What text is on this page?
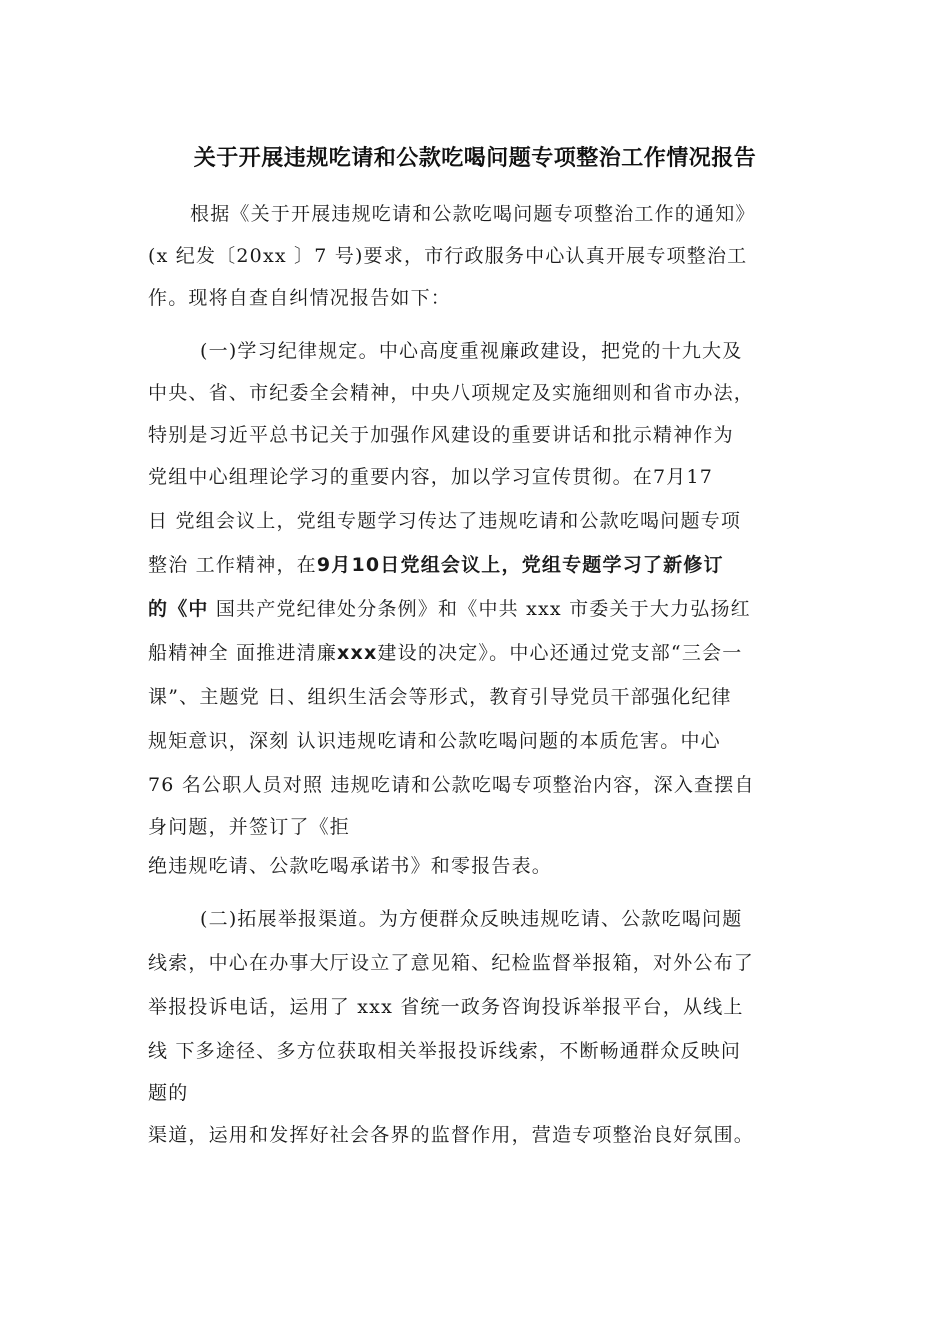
关于开展违规吃请和公款吃喝问题专项整治工作情况报告
根据《关于开展违规吃请和公款吃喝问题专项整治工作的通知》
(x 纪发〔20xx 〕7 号)要求，市行政服务中心认真开展专项整治工
作。现将自查自纠情况报告如下：
(一)学习纪律规定。中心高度重视廉政建设，把党的十九大及
中央、省、市纪委全会精神，中央八项规定及实施细则和省市办法，
特别是习近平总书记关于加强作风建设的重要讲话和批示精神作为
党组中心组理论学习的重要内容，加以学习宣传贯彻。在7月17
日 党组会议上，党组专题学习传达了违规吃请和公款吃喝问题专项
整治 工作精神，在9月10日党组会议上，党组专题学习了新修订
的《中 国共产党纪律处分条例》和《中共 xxx 市委关于大力弘扬红
船精神全 面推进清廉xxx建设的决定》。中心还通过党支部“三会一
课”、主题党 日、组织生活会等形式，教育引导党员干部强化纪律
规矩意识，深刻 认识违规吃请和公款吃喝问题的本质危害。中心
76 名公职人员对照 违规吃请和公款吃喝专项整治内容，深入查摆自
身问题，并签订了《拒
绝违规吃请、公款吃喝承诺书》和零报告表。
(二)拓展举报渠道。为方便群众反映违规吃请、公款吃喝问题
线索，中心在办事大厅设立了意见箱、纪检监督举报箱，对外公布了
举报投诉电话，运用了 xxx 省统一政务咨询投诉举报平台，从线上
线 下多途径、多方位获取相关举报投诉线索，不断畅通群众反映问
题的
渠道，运用和发挥好社会各界的监督作用，营造专项整治良好氛围。
